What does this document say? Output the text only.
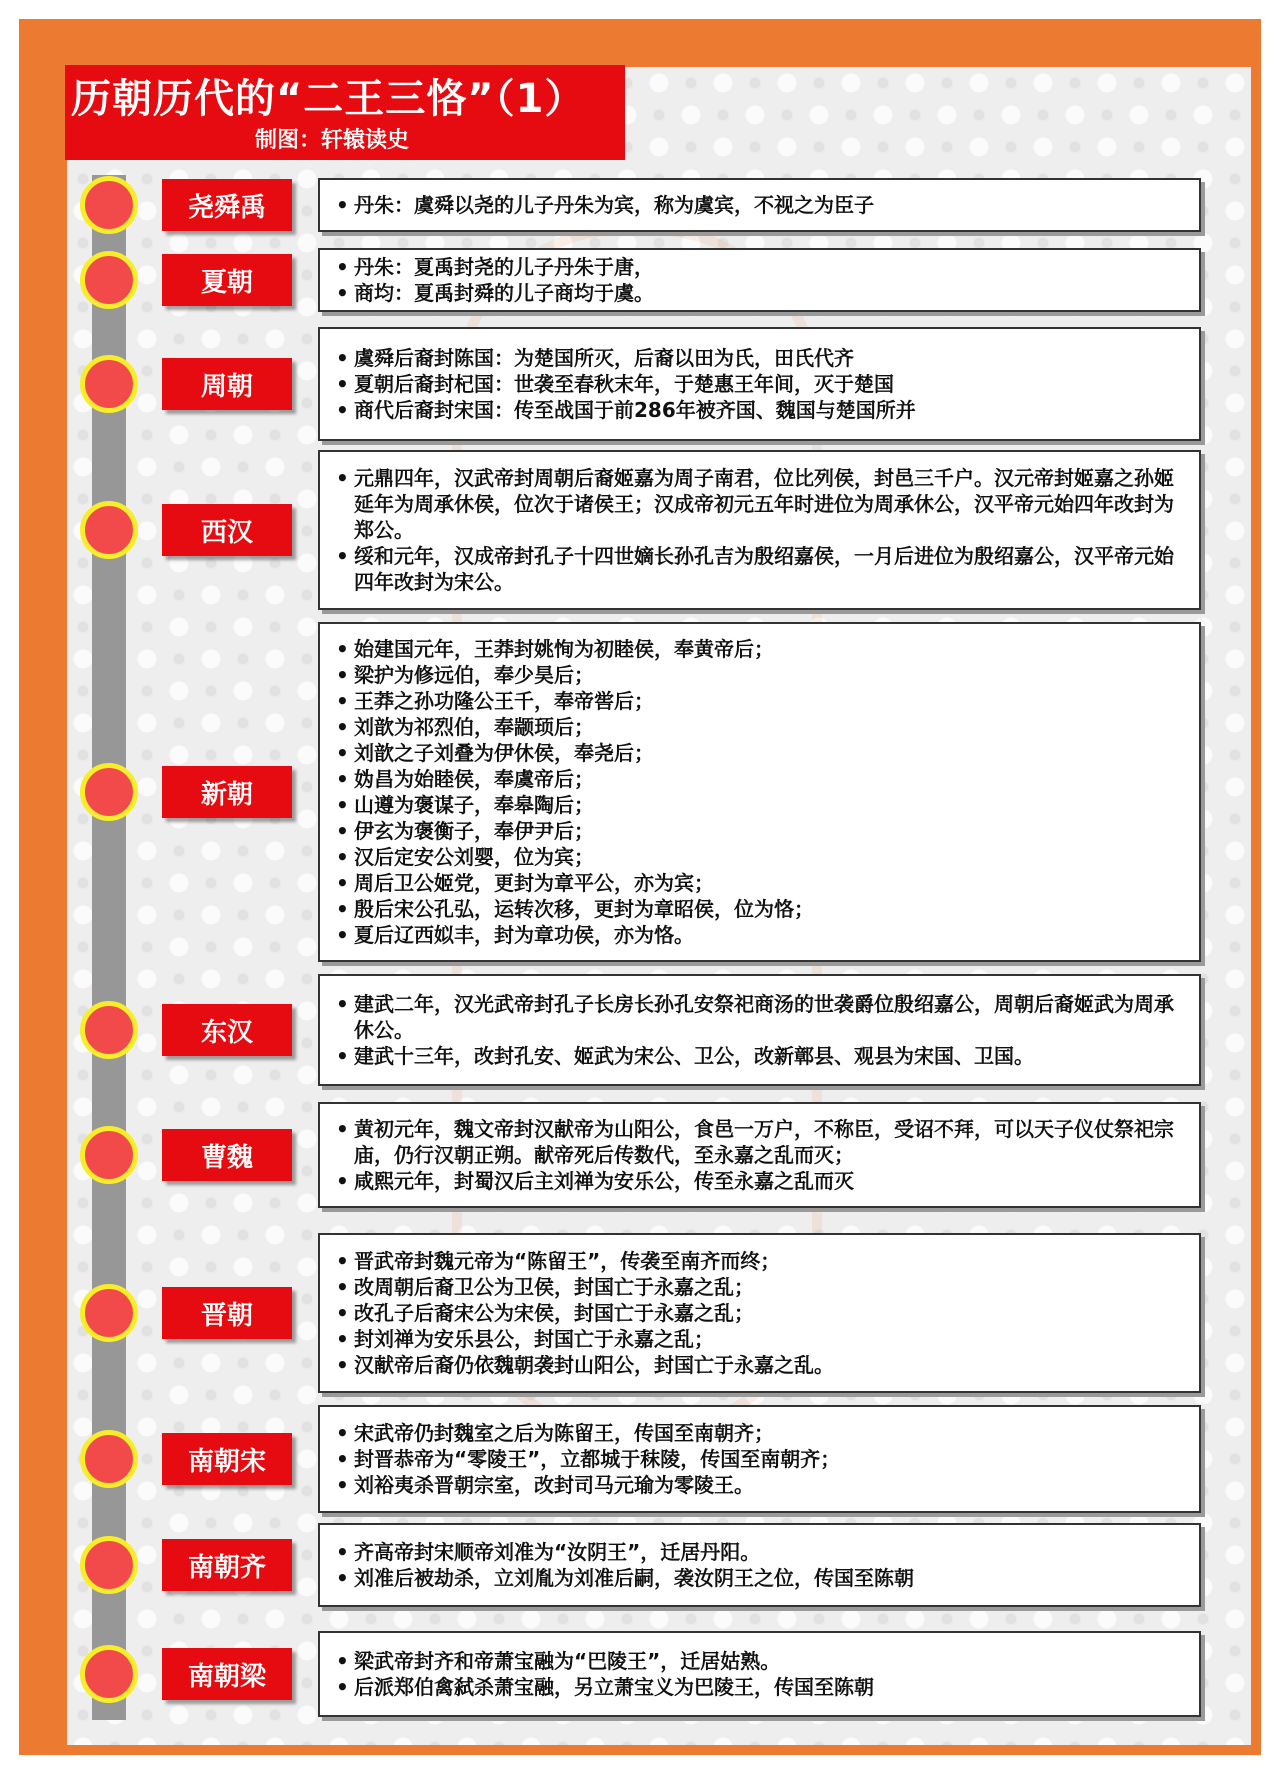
历朝历代的“二王三恪”（1）
制图：轩辕读史
尧舜禹
•	丹朱：虞舜以尧的儿子丹朱为宾，称为虞宾，不视之为臣子
夏朝
• 丹朱：夏禹封尧的儿子丹朱于唐，
• 商均：夏禹封舜的儿子商均于虞。
周朝
• 虞舜后裔封陈国：为楚国所灭，后裔以田为氏，田氏代齐
• 夏朝后裔封杞国：世袭至春秋末年，于楚惠王年间，灭于楚国
• 商代后裔封宋国：传至战国于前286年被齐国、魏国与楚国所并
西汉
• 元鼎四年，汉武帝封周朝后裔姬嘉为周子南君，位比列侯，封邑三千户。汉元帝封姬嘉之孙姬延年为周承休侯，位次于诸侯王；汉成帝初元五年时进位为周承休公，汉平帝元始四年改封为郑公。
• 绥和元年，汉成帝封孔子十四世嫡长孙孔吉为殷绍嘉侯，一月后进位为殷绍嘉公，汉平帝元始四年改封为宋公。
新朝
• 始建国元年，王莽封姚恂为初睦侯，奉黄帝后；
• 梁护为修远伯，奉少昊后；
• 王莽之孙功隆公王千，奉帝喾后；
• 刘歆为祁烈伯，奉颛顼后；
• 刘歆之子刘叠为伊休侯，奉尧后；
• 妫昌为始睦侯，奉虞帝后；
• 山遵为褒谋子，奉皋陶后；
• 伊玄为褒衡子，奉伊尹后；
• 汉后定安公刘婴，位为宾；
• 周后卫公姬党，更封为章平公，亦为宾；
• 殷后宋公孔弘，运转次移，更封为章昭侯，位为恪；
• 夏后辽西姒丰，封为章功侯，亦为恪。
东汉
• 建武二年，汉光武帝封孔子长房长孙孔安祭祀商汤的世袭爵位殷绍嘉公，周朝后裔姬武为周承休公。
• 建武十三年，改封孔安、姬武为宋公、卫公，改新鄣县、观县为宋国、卫国。
曹魏
• 黄初元年，魏文帝封汉献帝为山阳公，食邑一万户，不称臣，受诏不拜，可以天子仪仗祭祀宗庙，仍行汉朝正朔。献帝死后传数代，至永嘉之乱而灭；
• 咸熙元年，封蜀汉后主刘禅为安乐公，传至永嘉之乱而灭
晋朝
• 晋武帝封魏元帝为“陈留王”，传袭至南齐而终；
• 改周朝后裔卫公为卫侯，封国亡于永嘉之乱；
• 改孔子后裔宋公为宋侯，封国亡于永嘉之乱；
• 封刘禅为安乐县公，封国亡于永嘉之乱；
• 汉献帝后裔仍依魏朝袭封山阳公，封国亡于永嘉之乱。
南朝宋
• 宋武帝仍封魏室之后为陈留王，传国至南朝齐；
• 封晋恭帝为“零陵王”，立都城于秣陵，传国至南朝齐；
• 刘裕夷杀晋朝宗室，改封司马元瑜为零陵王。
南朝齐
• 齐高帝封宋顺帝刘准为“汝阴王”，迁居丹阳。
• 刘准后被劫杀，立刘胤为刘准后嗣，袭汝阴王之位，传国至陈朝
南朝梁
• 梁武帝封齐和帝萧宝融为“巴陵王”，迁居姑熟。
• 后派郑伯禽弑杀萧宝融，另立萧宝义为巴陵王，传国至陈朝
